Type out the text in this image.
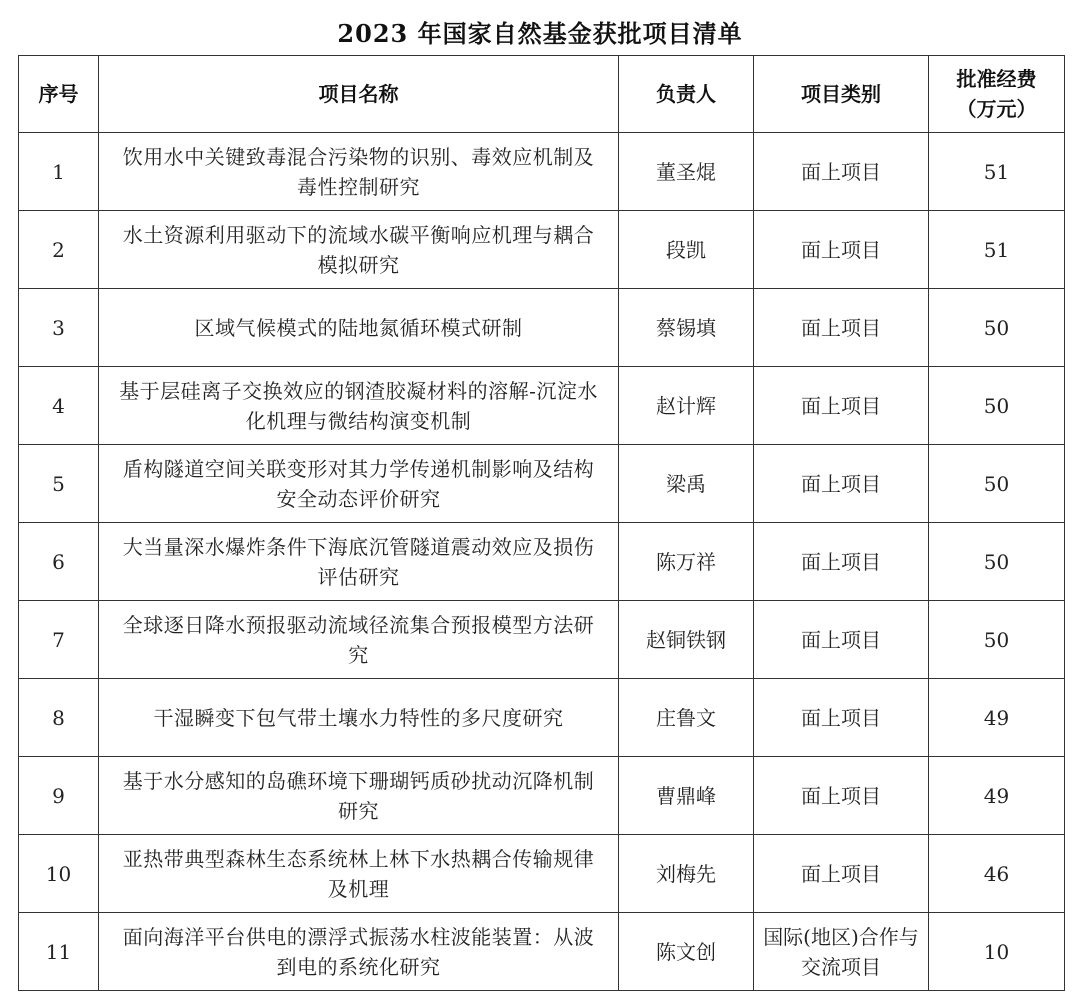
2023 年国家自然基金获批项目清单
序号	项目名称	负责人	项目类别	批准经费（万元）
1	饮用水中关键致毒混合污染物的识别、毒效应机制及毒性控制研究	董圣焜	面上项目	51
2	水土资源利用驱动下的流域水碳平衡响应机理与耦合模拟研究	段凯	面上项目	51
3	区域气候模式的陆地氮循环模式研制	蔡锡填	面上项目	50
4	基于层硅离子交换效应的钢渣胶凝材料的溶解-沉淀水化机理与微结构演变机制	赵计辉	面上项目	50
5	盾构隧道空间关联变形对其力学传递机制影响及结构安全动态评价研究	梁禹	面上项目	50
6	大当量深水爆炸条件下海底沉管隧道震动效应及损伤评估研究	陈万祥	面上项目	50
7	全球逐日降水预报驱动流域径流集合预报模型方法研究	赵铜铁钢	面上项目	50
8	干湿瞬变下包气带土壤水力特性的多尺度研究	庄鲁文	面上项目	49
9	基于水分感知的岛礁环境下珊瑚钙质砂扰动沉降机制研究	曹鼎峰	面上项目	49
10	亚热带典型森林生态系统林上林下水热耦合传输规律及机理	刘梅先	面上项目	46
11	面向海洋平台供电的漂浮式振荡水柱波能装置：从波到电的系统化研究	陈文创	国际(地区)合作与交流项目	10
